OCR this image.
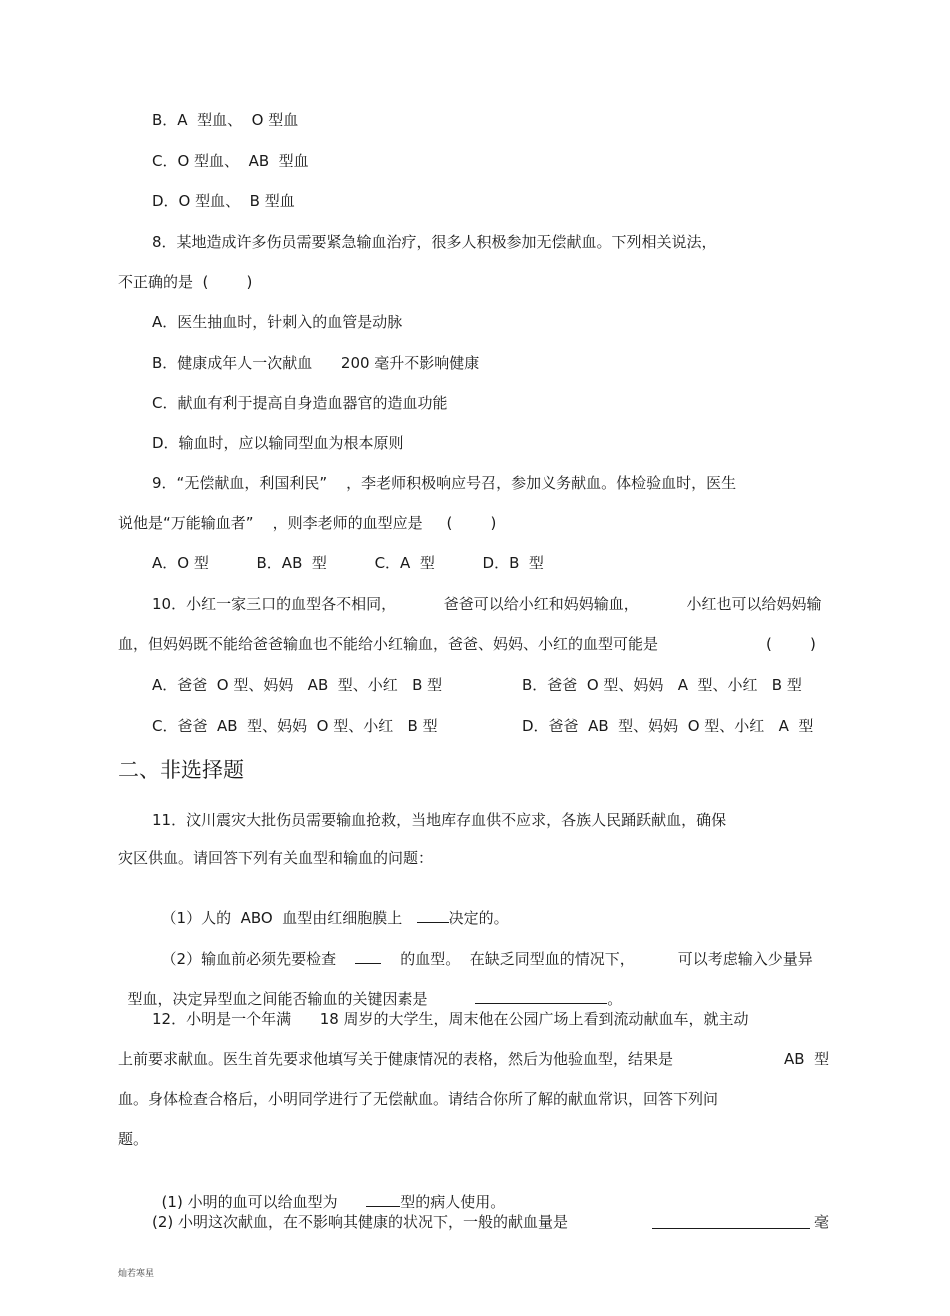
B．A  型血、  O 型血
C．O 型血、  AB  型血
D．O 型血、  B 型血
8．某地造成许多伤员需要紧急输血治疗，很多人积极参加无偿献血。下列相关说法，
不正确的是  (        )
A．医生抽血时，针刺入的血管是动脉
B．健康成年人一次献血      200 毫升不影响健康
C．献血有利于提高自身造血器官的造血功能
D．输血时，应以输同型血为根本原则
9．“无偿献血，利国利民”    ，李老师积极响应号召，参加义务献血。体检验血时，医生
说他是“万能输血者”    ，则李老师的血型应是     (        )
A．O 型          B．AB  型          C．A  型          D．B  型
10．小红一家三口的血型各不相同，          爸爸可以给小红和妈妈输血，          小红也可以给妈妈输
血，但妈妈既不能给爸爸输血也不能给小红输血，爸爸、妈妈、小红的血型可能是	(        )
A．爸爸  O 型、妈妈   AB  型、小红   B 型	B．爸爸  O 型、妈妈   A  型、小红   B 型
C．爸爸  AB  型、妈妈  O 型、小红   B 型	D．爸爸  AB  型、妈妈  O 型、小红   A  型
二、非选择题
11．汶川震灾大批伤员需要输血抢救，当地库存血供不应求，各族人民踊跃献血，确保
灾区供血。请回答下列有关血型和输血的问题：

（1）人的  ABO  血型由红细胞膜上   决定的。

（2）输血前必须先要检查        的血型。  在缺乏同型血的情况下，         可以考虑输入少量异

型血，决定异型血之间能否输血的关键因素是	。

12．小明是一个年满      18 周岁的大学生，周末他在公园广场上看到流动献血车，就主动
上前要求献血。医生首先要求他填写关于健康情况的表格，然后为他验血型，结果是	AB  型
血。身体检查合格后，小明同学进行了无偿献血。请结合你所了解的献血常识，回答下列问
题。

(1) 小明的血可以给血型为      型的病人使用。

(2) 小明这次献血，在不影响其健康的状况下，一般的献血量是	毫
灿若寒星
